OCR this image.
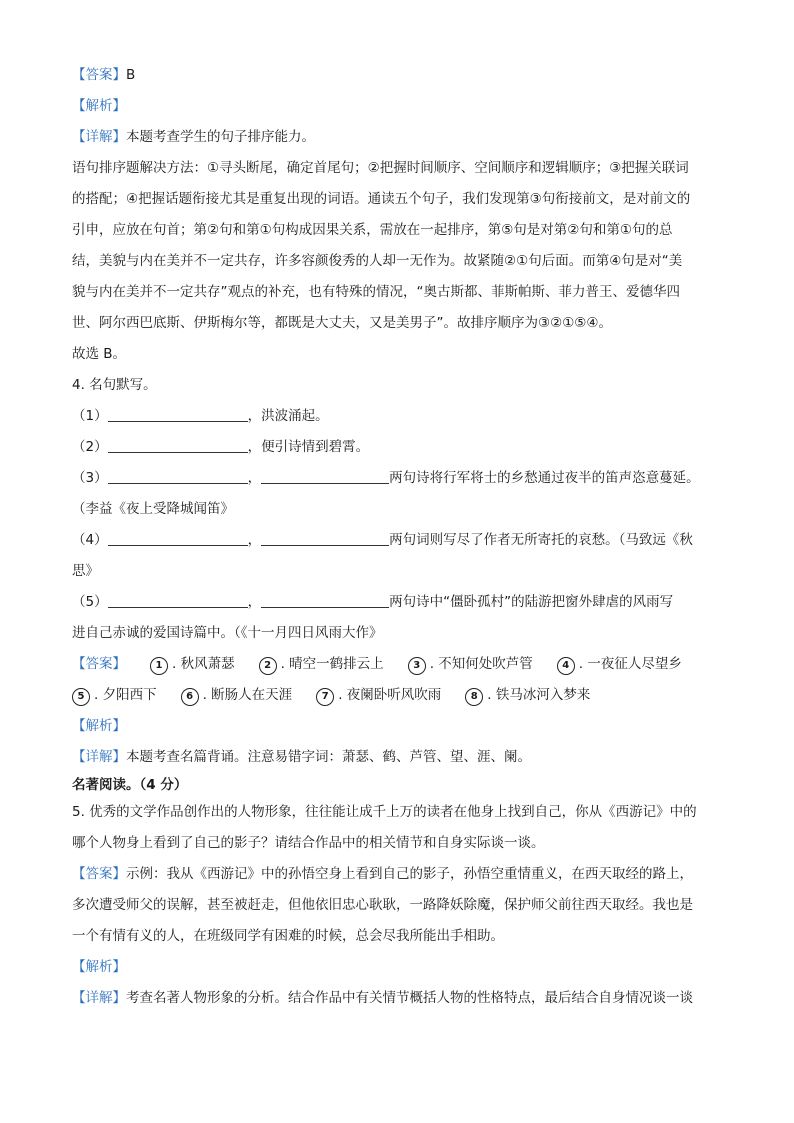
【答案】B
【解析】
【详解】本题考查学生的句子排序能力。
语句排序题解决方法：①寻头断尾，确定首尾句；②把握时间顺序、空间顺序和逻辑顺序；③把握关联词
的搭配；④把握话题衔接尤其是重复出现的词语。通读五个句子，我们发现第③句衔接前文，是对前文的
引申，应放在句首；第②句和第①句构成因果关系，需放在一起排序，第⑤句是对第②句和第①句的总
结，美貌与内在美并不一定共存，许多容颜俊秀的人却一无作为。故紧随②①句后面。而第④句是对“美
貌与内在美并不一定共存”观点的补充，也有特殊的情况，“奥古斯都、菲斯帕斯、菲力普王、爱德华四
世、阿尔西巴底斯、伊斯梅尔等，都既是大丈夫，又是美男子”。故排序顺序为③②①⑤④。
故选 B。
4. 名句默写。
（1）	，洪波涌起。
（2）	，便引诗情到碧霄。
（3）	，	两句诗将行军将士的乡愁通过夜半的笛声恣意蔓延。
（李益《夜上受降城闻笛》
（4）	，	两句词则写尽了作者无所寄托的哀愁。（马致远《秋
思》
（5）	，	两句诗中“僵卧孤村”的陆游把窗外肆虐的风雨写
进自己赤诚的爱国诗篇中。（《十一月四日风雨大作》
【答案】	1 . 秋风萧瑟	2 . 晴空一鹤排云上	3 . 不知何处吹芦管	4 . 一夜征人尽望乡
5 . 夕阳西下	6 . 断肠人在天涯	7 . 夜阑卧听风吹雨	8 . 铁马冰河入梦来
【解析】
【详解】本题考查名篇背诵。注意易错字词：萧瑟、鹤、芦管、望、涯、阑。
名著阅读。（4 分）
5. 优秀的文学作品创作出的人物形象，往往能让成千上万的读者在他身上找到自己，你从《西游记》中的
哪个人物身上看到了自己的影子？请结合作品中的相关情节和自身实际谈一谈。
【答案】示例：我从《西游记》中的孙悟空身上看到自己的影子，孙悟空重情重义，在西天取经的路上，
多次遭受师父的误解，甚至被赶走，但他依旧忠心耿耿，一路降妖除魔，保护师父前往西天取经。我也是
一个有情有义的人，在班级同学有困难的时候，总会尽我所能出手相助。
【解析】
【详解】考查名著人物形象的分析。结合作品中有关情节概括人物的性格特点，最后结合自身情况谈一谈
